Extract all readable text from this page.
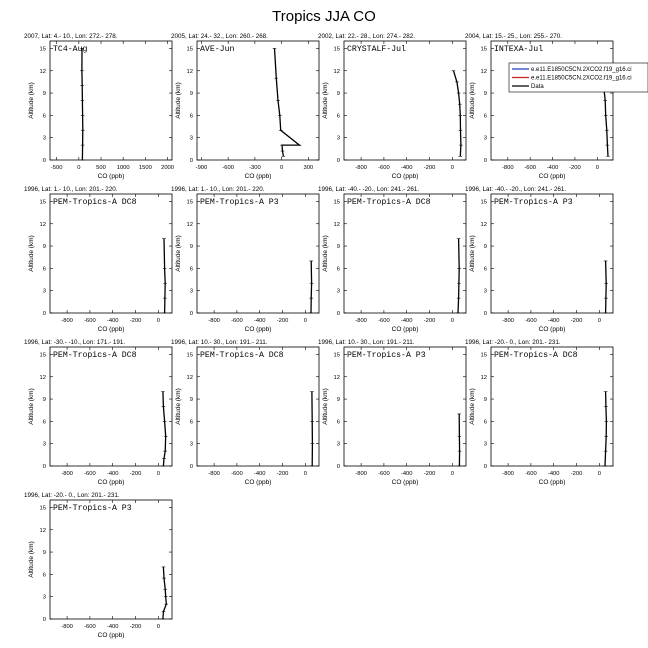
Tropics JJA CO
2007, Lat: 4.- 10., Lon: 272.- 278.
TC4-Aug
0
3
6
9
12
15
Altitude (km)
-500	0	500 1000 1500 2000
CO (ppb)
2005, Lat: 24.- 32., Lon: 260.- 268.
AVE-Jun
0
3
6
9
12
15
Altitude (km)
-900	-600	-300	0	300
CO (ppb)
2002, Lat: 22.- 28., Lon: 274.- 282.
CRYSTALF-Jul
0
3
6
9
12
15
Altitude (km)
-800 -600 -400 -200	0
CO (ppb)
2004, Lat: 15.- 25., Lon: 255.- 270.
INTEXA-Jul
0
3
6
9
12
15
Altitude (km)
-800 -600 -400 -200	0
CO (ppb)
1996, Lat: 1.- 10., Lon: 201.- 220.
PEM-Tropics-A DC8
0
3
6
9
12
15
Altitude (km)
-800 -600 -400 -200	0
CO (ppb)
1996, Lat: 1.- 10., Lon: 201.- 220.
PEM-Tropics-A P3
0
3
6
9
12
15
Altitude (km)
-800 -600 -400 -200	0
CO (ppb)
1996, Lat: -40.- -20., Lon: 241.- 261.
PEM-Tropics-A DC8
0
3
6
9
12
15
Altitude (km)
-800 -600 -400 -200	0
CO (ppb)
1996, Lat: -40.- -20., Lon: 241.- 261.
PEM-Tropics-A P3
0
3
6
9
12
15
Altitude (km)
-800 -600 -400 -200	0
CO (ppb)
1996, Lat: -30.- -10., Lon: 171.- 191.
PEM-Tropics-A DC8
0
3
6
9
12
15
Altitude (km)
-800 -600 -400 -200	0
CO (ppb)
1996, Lat: 10.- 30., Lon: 191.- 211.
PEM-Tropics-A DC8
0
3
6
9
12
15
Altitude (km)
-800 -600 -400 -200	0
CO (ppb)
1996, Lat: 10.- 30., Lon: 191.- 211.
PEM-Tropics-A P3
0
3
6
9
12
15
Altitude (km)
-800 -600 -400 -200	0
CO (ppb)
1996, Lat: -20.- 0., Lon: 201.- 231.
PEM-Tropics-A DC8
0
3
6
9
12
15
Altitude (km)
-800 -600 -400 -200	0
CO (ppb)
1996, Lat: -20.- 0., Lon: 201.- 231.
PEM-Tropics-A P3
0
3
6
9
12
15
Altitude (km)
-800 -600 -400 -200	0
CO (ppb)
e.e11.E1850C5CN.2XCO2.f19_g16.ci
e.e11.E1850C5CN.2XCO2.f19_g16.ci
Data
